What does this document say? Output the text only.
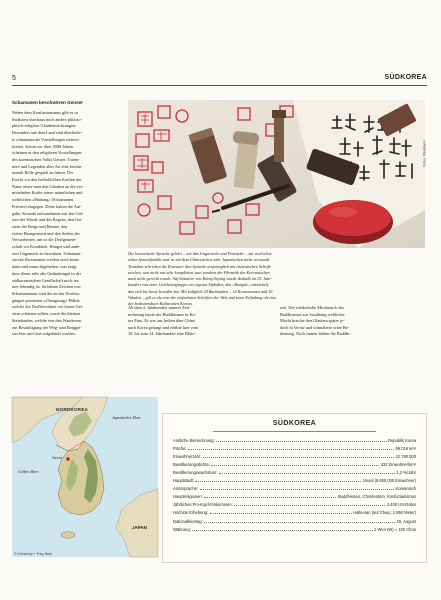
5	SÜDKOREA
Schamanen beschwören Geister
Neben dem Konfuzianismus gibt es in
Südkorea durchaus noch andere philoso-
phisch-religiöse Glaubensrichtungen:
Besonders auf dem Land sind überliefer-
te schamanische Vorstellungen weitver-
breitet. Schon vor über 3000 Jahren
scheinen in den religiösen Vorstellungen
des koreanischen Volks Geister, Totem-
tiere und Legenden aller Art eine bestim-
mende Rolle gespielt zu haben. Der
Furcht vor den bedrohlichen Kräften der
Natur setzte man den Glauben an die ver-
mittelnden Kräfte seiner männlichen und
weiblichen »Mudang« (Schamanen,
Priester) entgegen. Diese hatten die Auf-
gabe, Kontakt aufzunehmen mit den Göt-
tern der Winde und des Regens, den Gei-
stern der Berge und Bäume, den
vielen Hausgeistern und den Seelen der
Verstorbenen, um so die Dorfgemein-
schaft vor Krankheit, Hunger und ande-
rem Ungemach zu bewahren. Schamani-
stische Zeremonien werden noch heute
dann und wann abgehalten, was zeigt,
dass dieser sehr alte Gedankengut in der
südkoreanischen Gesellschaft noch im-
mer lebendig ist. Sichtbare Zeichen von
Schamanismus sind die an des Dorfein-
gängen postierten »Changsung«-Pfähle,
welche die Dorfbewohner vor bösen Gei-
stern schützen sollen, sowie die kleinen
Steinhaufen, welche von den Wanderern
zur Besänftigung der Weg- und Berggei-
ster hier und dort aufgehäuft werden.
Fotos: Weidmann
Die koreanische Sprache gehört – wie das Ungarische und Finnische – zur ural-altai-
schen Sprachfamilie und ist mit dem Chinesischen oder Japanischen nicht verwandt.
Trotzdem schrieben die Koreaner ihre Sprache ursprünglich mit chinesischen Schrift-
zeichen, was nicht nur sehr kompliziert war, sondern der Phonetik des Koreanischen
auch nicht gerecht wurde. Auf Initiative von König Sejong wurde deshalb im 15. Jahr-
hundert von einer Gelehrtengruppe ein eigenes Alphabet, das »Hangul«, entwickelt,
das sich bis heute bewährt hat. Mit lediglich 24 Buchstaben – 14 Konsonanten und 10
Vokalen – gilt es als eine der einfachsten Schriften der Welt und seine Erfindung als eine
der bedeutendsten Kulturtaten Koreas.
Ab dem 4. Jahrhundert unserer Zeit-
rechnung fasste der Buddhismus in Ko-
rea Fuss. Er war aus Indien über China
nach Korea gelangt und erlebte hier vom
10. bis zum 14. Jahrhundert eine Blüte-
zeit. Der wiederholte Missbrauch des
Buddhismus zur Ausübung weltlicher
Macht brachte den Glauben später je-
doch in Verruf und schmälerte seine Be-
deutung. Noch immer bilden die Buddhi-
NORDKOREA
Japanisches Meer
Gelbes Meer
Seoul
JAPAN
© Kümmerly + Frey, Bern
SÜDKOREA
Amtliche Bezeichnung:	Republik Korea
Fläche:	99.016 km²
Einwohnerzahl:	42.780.000
Bevölkerungsdichte:	432 Einwohner/km²
Bevölkerungswachstum:	1,2 %/Jahr
Hauptstadt:	Seoul (9.650.000 Einwohner)
Amtssprache:	Koreanisch
Hauptreligionen:	Buddhismus, Christentum, Konfuzianismus
Jährliches Pro-Kopf-Einkommen:	4.400 US-Dollar
Höchste Erhebung:	Halla-san (auf Cheju; 1.950 Meter)
Nationalfeiertag:	15. August
Währung:	1 Won (W) = 100 Chon
